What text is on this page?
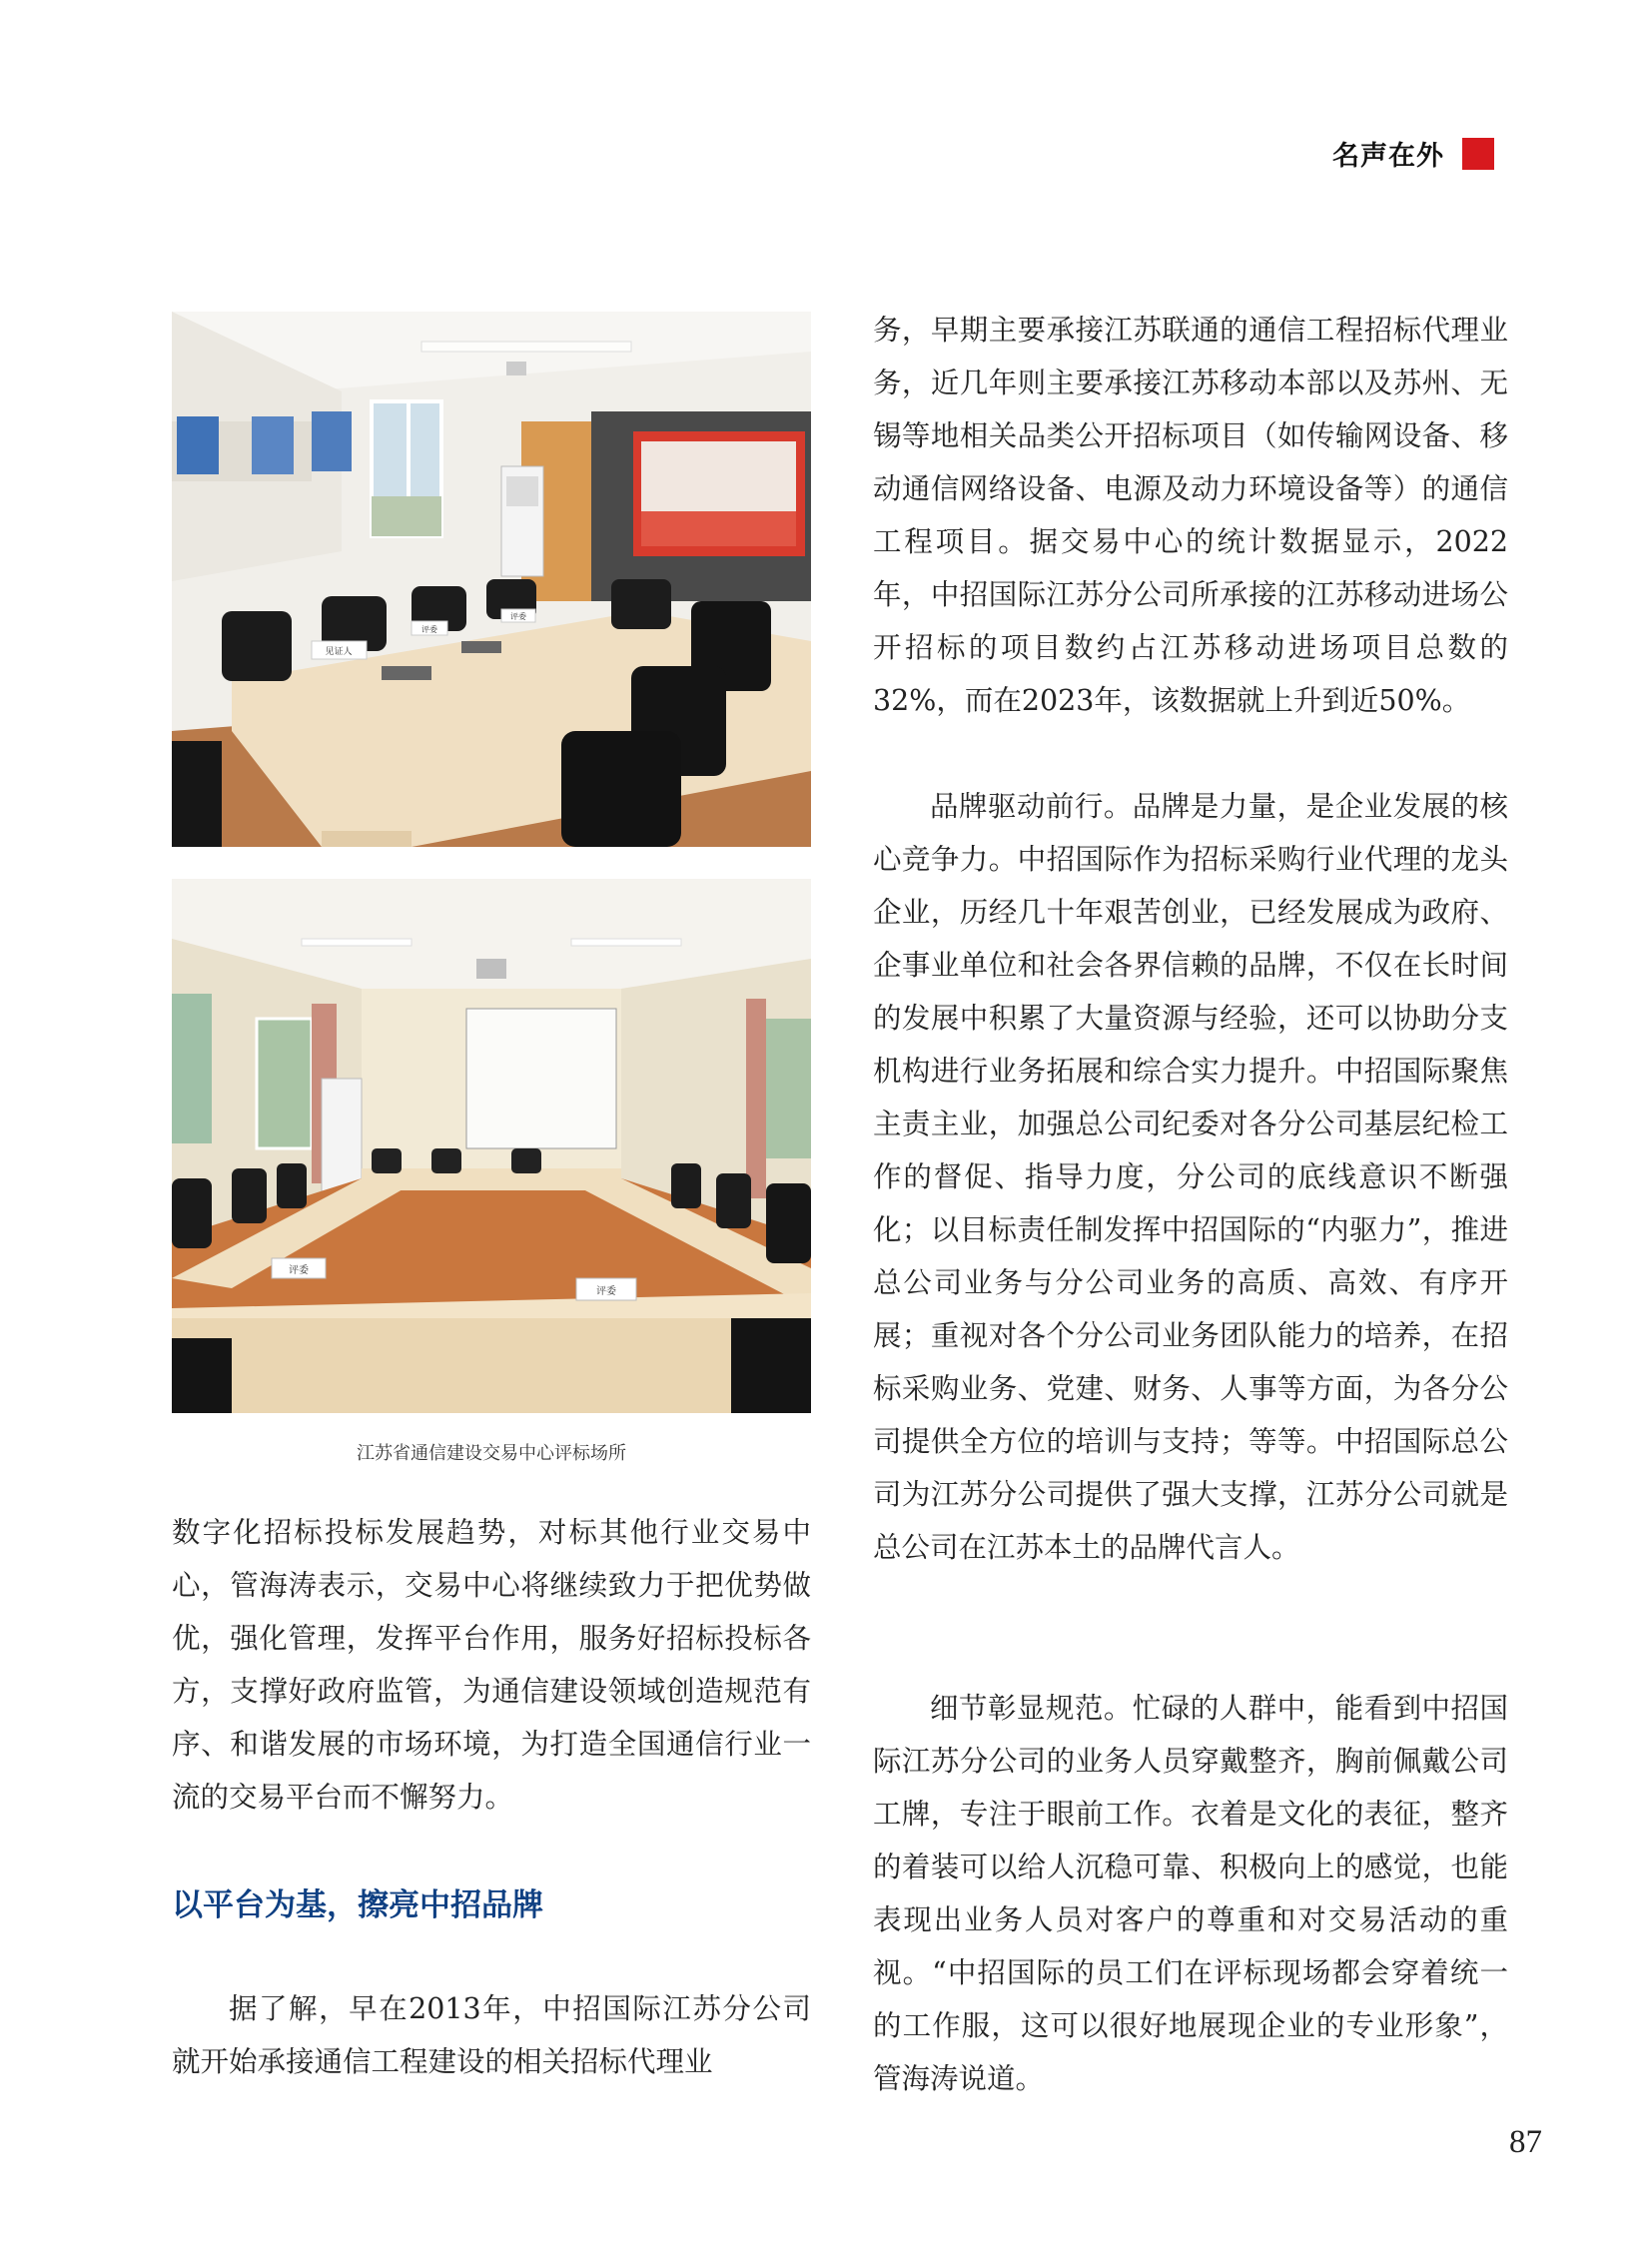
名声在外
见证人
评委
评委
评委
评委
江苏省通信建设交易中心评标场所

数字化招标投标发展趋势，对标其他行业交易中心，管海涛表示，交易中心将继续致力于把优势做优，强化管理，发挥平台作用，服务好招标投标各方，支撑好政府监管，为通信建设领域创造规范有序、和谐发展的市场环境，为打造全国通信行业一流的交易平台而不懈努力。

以平台为基，擦亮中招品牌

据了解，早在2013年，中招国际江苏分公司就开始承接通信工程建设的相关招标代理业

务，早期主要承接江苏联通的通信工程招标代理业务，近几年则主要承接江苏移动本部以及苏州、无锡等地相关品类公开招标项目（如传输网设备、移动通信网络设备、电源及动力环境设备等）的通信工程项目。据交易中心的统计数据显示，2022年，中招国际江苏分公司所承接的江苏移动进场公开招标的项目数约占江苏移动进场项目总数的32%，而在2023年，该数据就上升到近50%。

品牌驱动前行。品牌是力量，是企业发展的核心竞争力。中招国际作为招标采购行业代理的龙头企业，历经几十年艰苦创业，已经发展成为政府、企事业单位和社会各界信赖的品牌，不仅在长时间的发展中积累了大量资源与经验，还可以协助分支机构进行业务拓展和综合实力提升。中招国际聚焦主责主业，加强总公司纪委对各分公司基层纪检工作的督促、指导力度，分公司的底线意识不断强化；以目标责任制发挥中招国际的“内驱力”，推进总公司业务与分公司业务的高质、高效、有序开展；重视对各个分公司业务团队能力的培养，在招标采购业务、党建、财务、人事等方面，为各分公司提供全方位的培训与支持；等等。中招国际总公司为江苏分公司提供了强大支撑，江苏分公司就是总公司在江苏本土的品牌代言人。

细节彰显规范。忙碌的人群中，能看到中招国际江苏分公司的业务人员穿戴整齐，胸前佩戴公司工牌，专注于眼前工作。衣着是文化的表征，整齐的着装可以给人沉稳可靠、积极向上的感觉，也能表现出业务人员对客户的尊重和对交易活动的重视。“中招国际的员工们在评标现场都会穿着统一的工作服，这可以很好地展现企业的专业形象”，管海涛说道。

87
